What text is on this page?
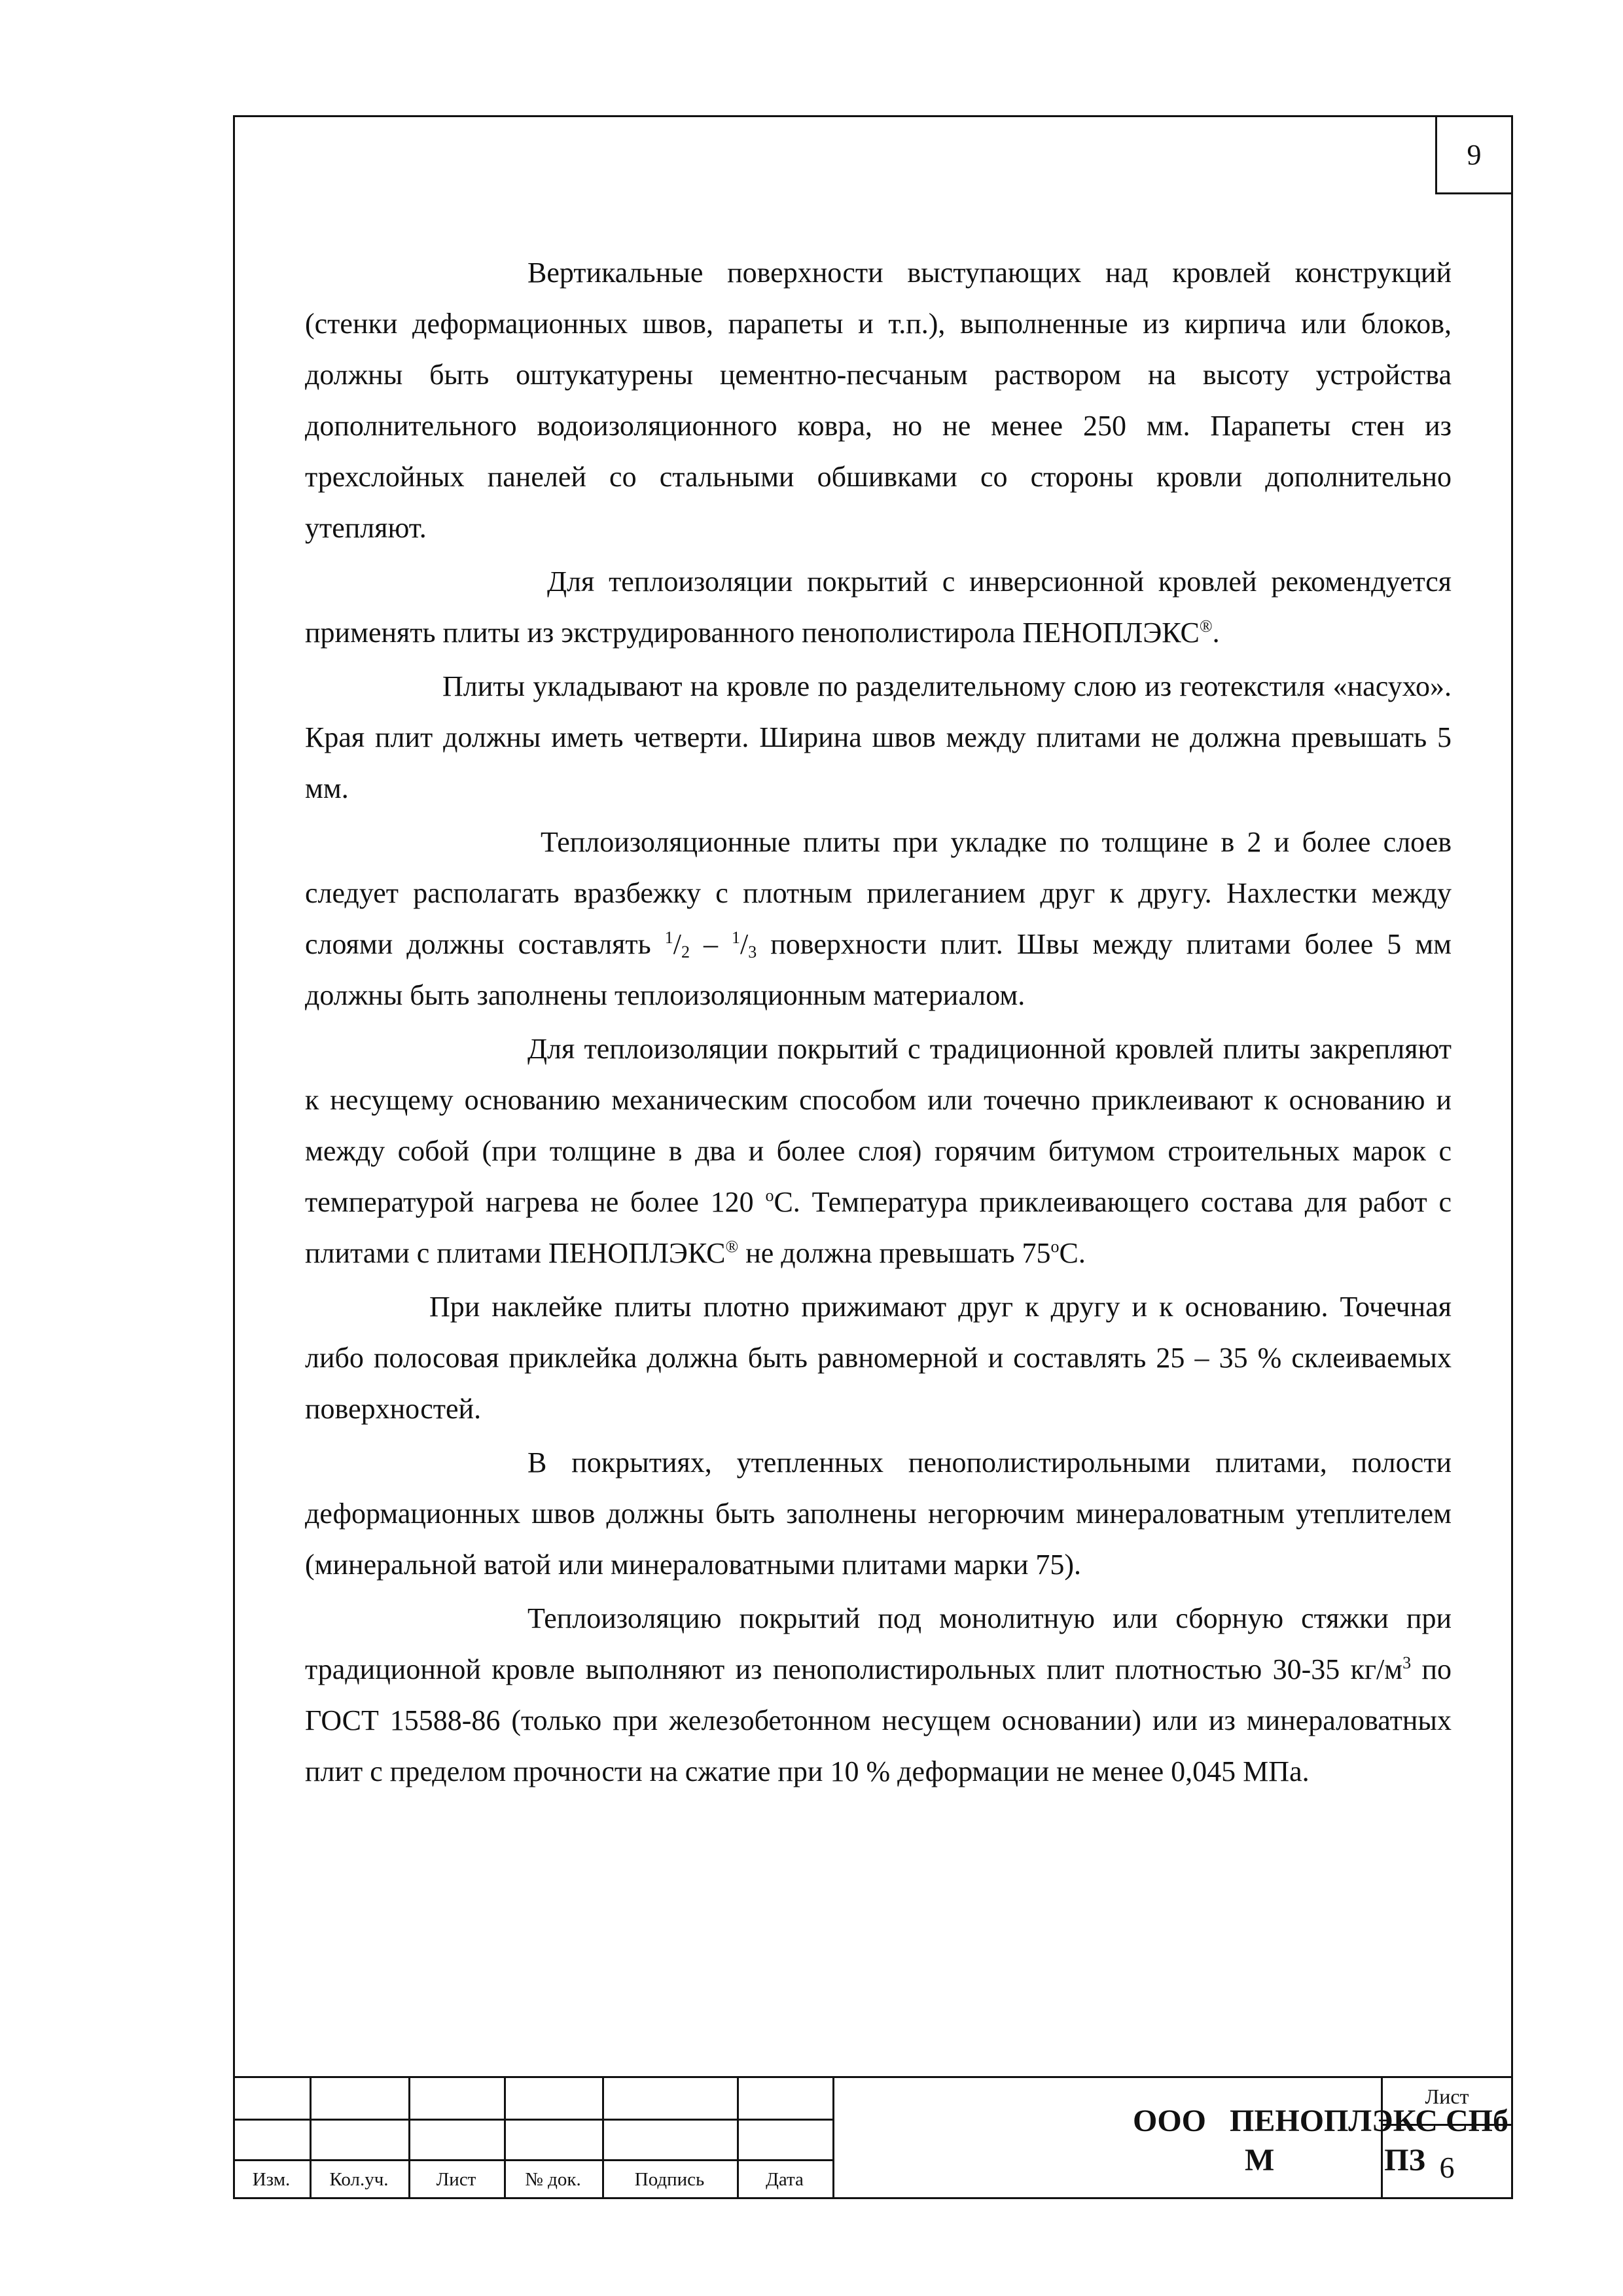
9

Вертикальные поверхности выступающих над кровлей конструкций (стенки деформационных швов, парапеты и т.п.), выполненные из кирпича или блоков, должны быть оштукатурены цементно-песчаным раствором на высоту устройства дополнительного водоизоляционного ковра, но не менее 250 мм. Парапеты стен из трехслойных панелей со стальными обшивками со стороны кровли дополнительно утепляют.

Для теплоизоляции покрытий с инверсионной кровлей рекомендуется применять плиты из экструдированного пенополистирола ПЕНОПЛЭКС®.

Плиты укладывают на кровле по разделительному слою из геотекстиля «насухо». Края плит должны иметь четверти. Ширина швов между плитами не должна превышать 5 мм.

Теплоизоляционные плиты при укладке по толщине в 2 и более слоев следует располагать вразбежку с плотным прилеганием друг к другу. Нахлестки между слоями должны составлять $^1/_2 - ^1/_3$ поверхности плит. Швы между плитами более 5 мм должны быть заполнены теплоизоляционным материалом.

Для теплоизоляции покрытий с традиционной кровлей плиты закрепляют к несущему основанию механическим способом или точечно приклеивают к основанию и между собой (при толщине в два и более слоя) горячим битумом строительных марок с температурой нагрева не более 120 $^o$С. Температура приклеивающего состава для работ с плитами с плитами ПЕНОПЛЭКС® не должна превышать 75$^o$С.

При наклейке плиты плотно прижимают друг к другу и к основанию. Точечная либо полосовая приклейка должна быть равномерной и составлять 25 – 35 % склеиваемых поверхностей.

В покрытиях, утепленных пенополистирольными плитами, полости деформационных швов должны быть заполнены негорючим минераловатным утеплителем (минеральной ватой или минераловатными плитами марки 75).

Теплоизоляцию покрытий под монолитную или сборную стяжки при традиционной кровле выполняют из пенополистирольных плит плотностью 30-35 $кг/м^3$ по ГОСТ 15588-86 (только при железобетонном несущем основании) или из минераловатных плит с пределом прочности на сжатие при 10 % деформации не менее 0,045 МПа.

Изм.	Кол.уч.	Лист	№ док.	Подпись	Дата
ООО   ПЕНОПЛЭКС СПб
М              ПЗ
Лист
6
